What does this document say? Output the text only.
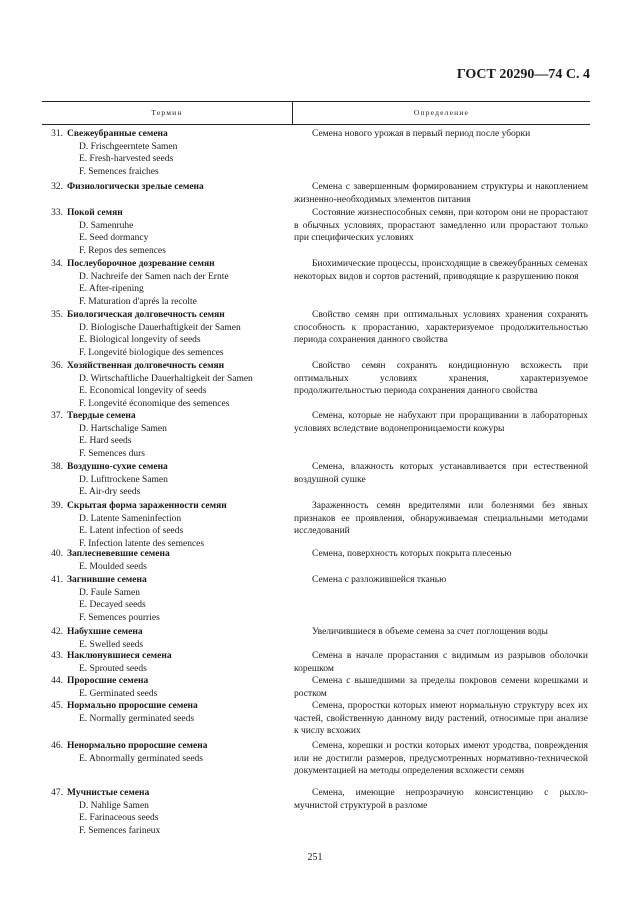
ГОСТ 20290—74 С. 4
Термин	Определение
31. Свежеубранные семена
D. Frischgeerntete Samen
E. Fresh-harvested seeds
F. Semences fraiches
Семена нового урожая в первый период после уборки
32. Физиологически зрелые семена	Семена с завершенным формированием структуры и накоплением жизненно-необходимых элементов питания
33. Покой семян
D. Samenruhe
E. Seed dormancy
F. Repos des semences
Состояние жизнеспособных семян, при котором они не прорастают в обычных условиях, прорастают замедленно или прорастают только при специфических условиях
34. Послеуборочное дозревание семян
D. Nachreife der Samen nach der Ernte
E. After-ripening
F. Maturation d'aprés la recolte
Биохимические процессы, происходящие в свежеубранных семенах некоторых видов и сортов растений, приводящие к разрушению покоя
35. Биологическая долговечность семян
D. Biologische Dauerhaftigkeit der Samen
E. Biological longevity of seeds
F. Longevité biologique des semences
Свойство семян при оптимальных условиях хранения сохранять способность к прорастанию, характеризуемое продолжительностью периода сохранения данного свойства
36. Хозяйственная долговечность семян
D. Wirtschaftliche Dauerhaltigkeit der Samen
E. Economical longevity of seeds
F. Longevité économique des semences
Свойство семян сохранять кондиционную всхожесть при оптимальных условиях хранения, характеризуемое продолжительностью периода сохранения данного свойства
37. Твердые семена
D. Hartschalige Samen
E. Hard seeds
F. Semences durs
Семена, которые не набухают при проращивании в лабораторных условиях вследствие водонепроницаемости кожуры
38. Воздушно-сухие семена
D. Lufttrockene Samen
E. Air-dry seeds
Семена, влажность которых устанавливается при естественной воздушной сушке
39. Скрытая форма зараженности семян
D. Latente Sameninfection
E. Latent infection of seeds
F. Infection latente des semences
Зараженность семян вредителями или болезнями без явных признаков ее проявления, обнаруживаемая специальными методами исследований
40. Заплесневевшие семена
E. Moulded seeds
Семена, поверхность которых покрыта плесенью
41. Загнившие семена
D. Faule Samen
E. Decayed seeds
F. Semences pourries
Семена с разложившейся тканью
42. Набухшие семена
E. Swelled seeds
Увеличившиеся в объеме семена за счет поглощения воды
43. Наклюнувшиеся семена
E. Sprouted seeds
Семена в начале прорастания с видимым из разрывов оболочки корешком
44. Проросшие семена
E. Germinated seeds
Семена с вышедшими за пределы покровов семени корешками и ростком
45. Нормально проросшие семена
E. Normally germinated seeds
Семена, проростки которых имеют нормальную структуру всех их частей, свойственную данному виду растений, относимые при анализе к числу всхожих
46. Ненормально проросшие семена
E. Abnormally germinated seeds
Семена, корешки и ростки которых имеют уродства, повреждения или не достигли размеров, предусмотренных нормативно-технической документацией на методы определения всхожести семян
47. Мучнистые семена
D. Nahlige Samen
E. Farinaceous seeds
F. Semences farineux
Семена, имеющие непрозрачную консистенцию с рыхло-мучнистой структурой в разломе
251
